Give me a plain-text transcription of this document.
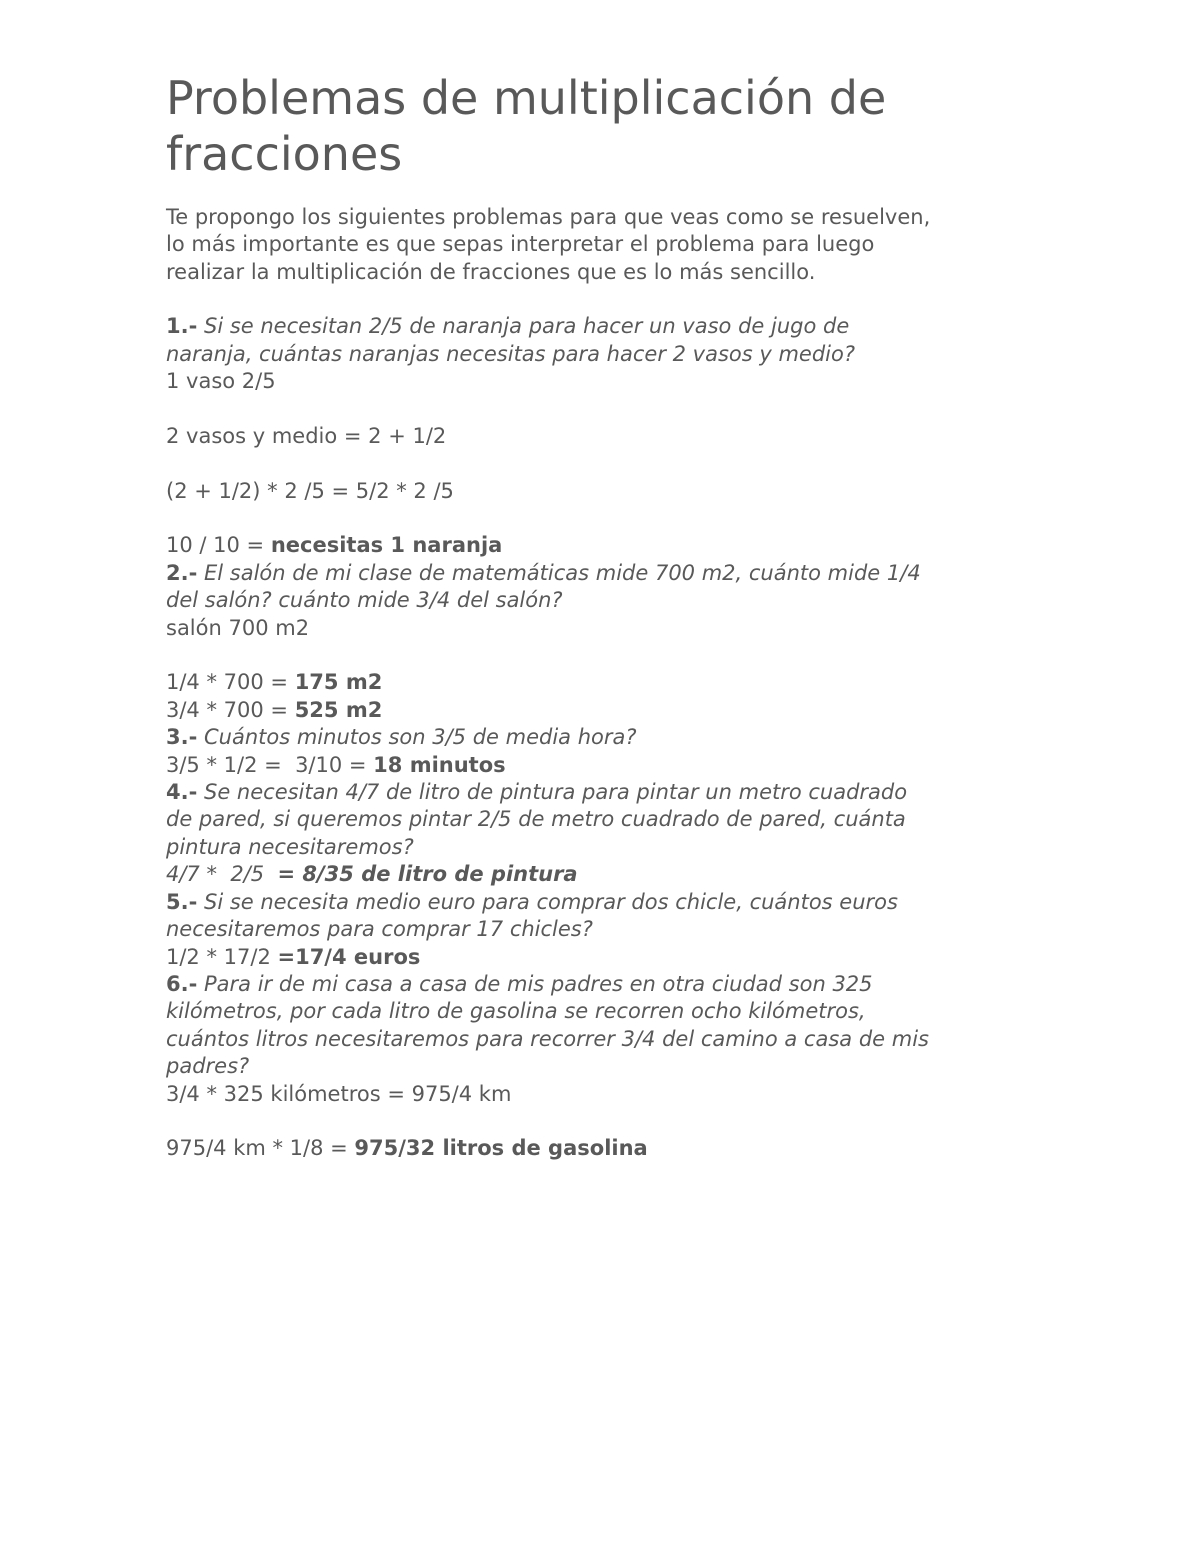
Problemas de multiplicación de fracciones
Te propongo los siguientes problemas para que veas como se resuelven,
lo más importante es que sepas interpretar el problema para luego
realizar la multiplicación de fracciones que es lo más sencillo.
1.- Si se necesitan 2/5 de naranja para hacer un vaso de jugo de
naranja, cuántas naranjas necesitas para hacer 2 vasos y medio?
1 vaso 2/5
2 vasos y medio = 2 + 1/2
(2 + 1/2) * 2 /5 = 5/2 * 2 /5
10 / 10 = necesitas 1 naranja
2.- El salón de mi clase de matemáticas mide 700 m2, cuánto mide 1/4
del salón? cuánto mide 3/4 del salón?
salón 700 m2
1/4 * 700 = 175 m2
3/4 * 700 = 525 m2
3.- Cuántos minutos son 3/5 de media hora?
3/5 * 1/2 =  3/10 = 18 minutos
4.- Se necesitan 4/7 de litro de pintura para pintar un metro cuadrado
de pared, si queremos pintar 2/5 de metro cuadrado de pared, cuánta
pintura necesitaremos?
4/7 *  2/5  = 8/35 de litro de pintura
5.- Si se necesita medio euro para comprar dos chicle, cuántos euros
necesitaremos para comprar 17 chicles?
1/2 * 17/2 =17/4 euros
6.- Para ir de mi casa a casa de mis padres en otra ciudad son 325
kilómetros, por cada litro de gasolina se recorren ocho kilómetros,
cuántos litros necesitaremos para recorrer 3/4 del camino a casa de mis
padres?
3/4 * 325 kilómetros = 975/4 km
975/4 km * 1/8 = 975/32 litros de gasolina
